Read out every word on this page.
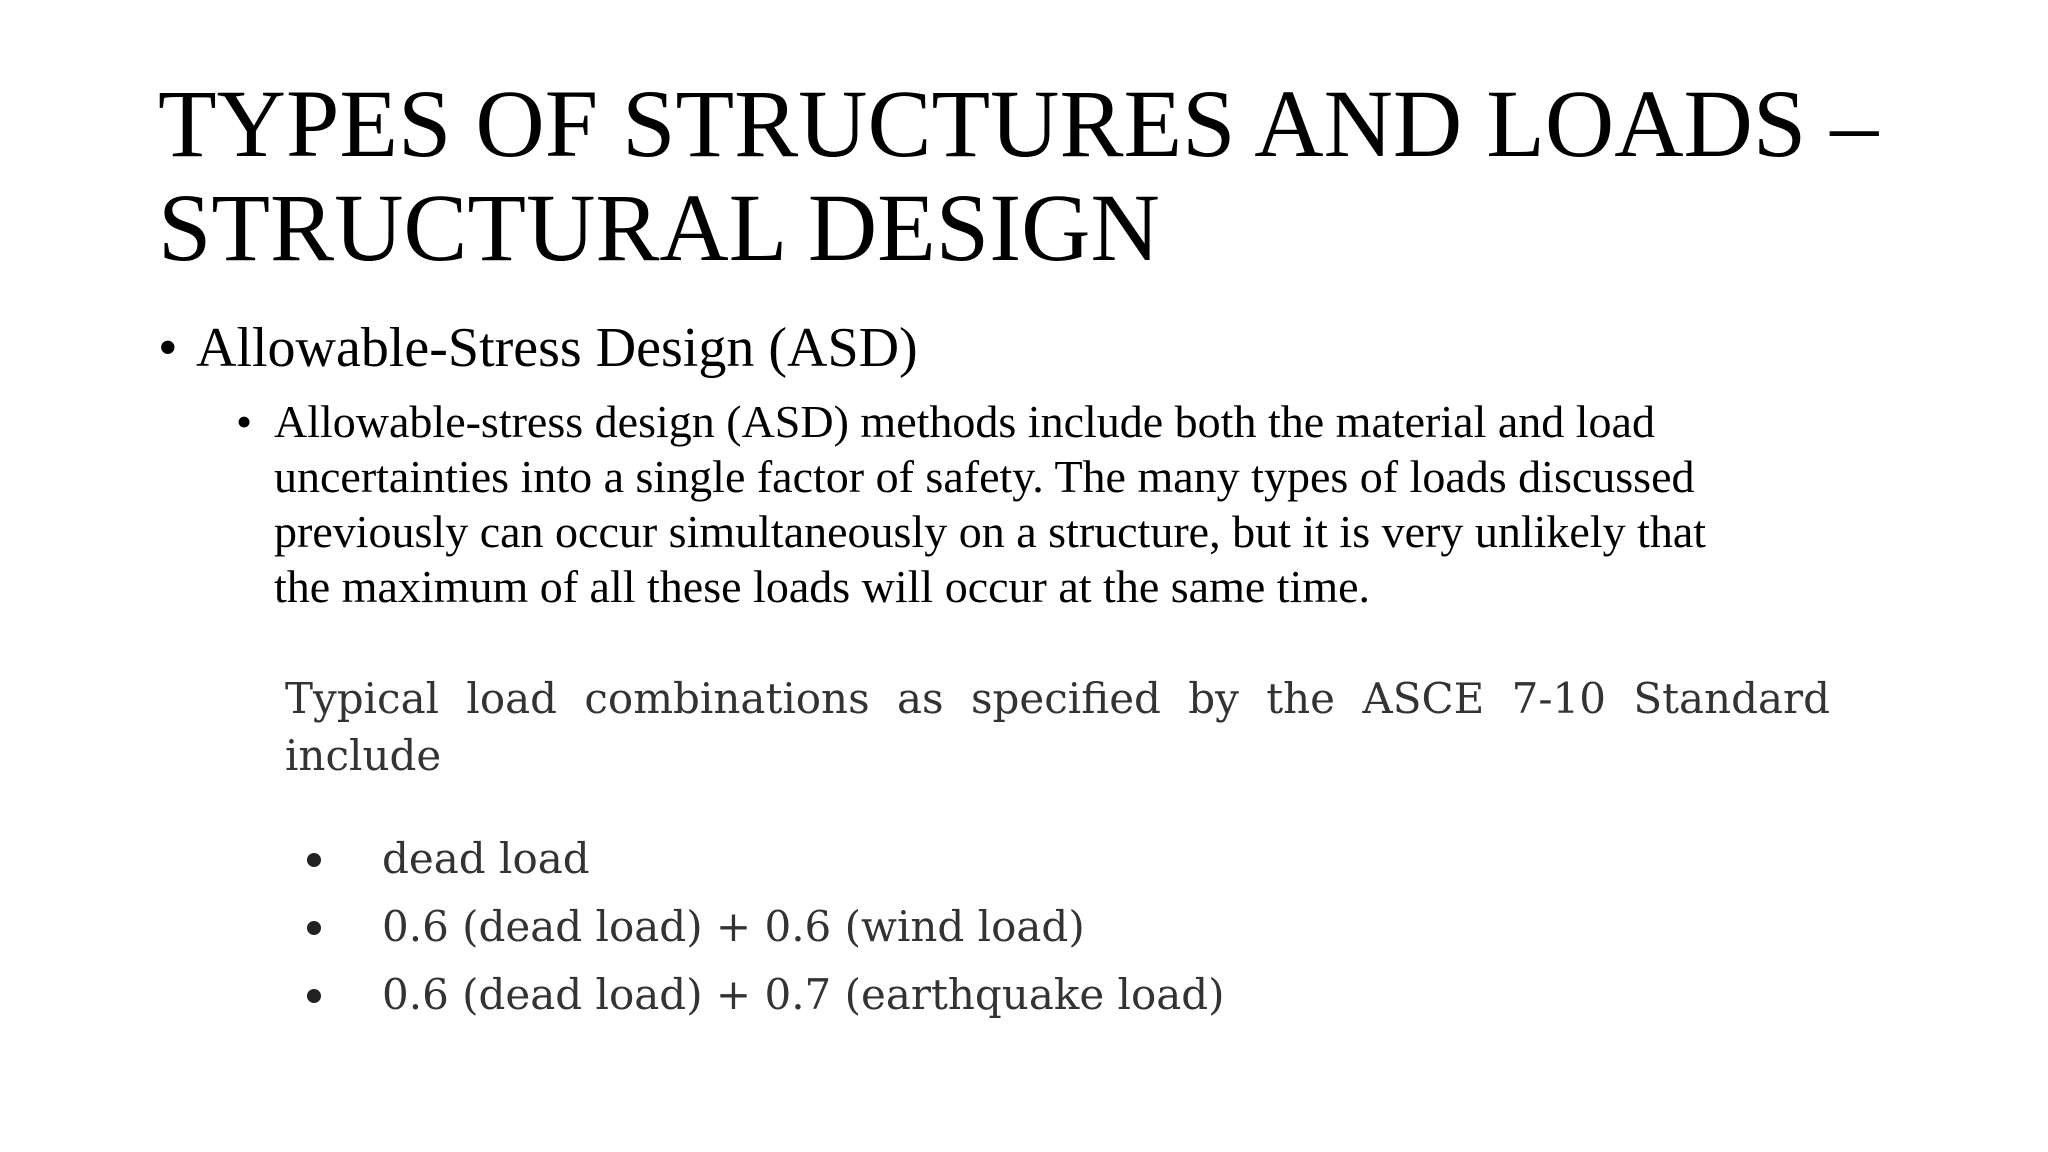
TYPES OF STRUCTURES AND LOADS –
STRUCTURAL DESIGN
• Allowable-Stress Design (ASD)
• Allowable-stress design (ASD) methods include both the material and load
uncertainties into a single factor of safety. The many types of loads discussed
previously can occur simultaneously on a structure, but it is very unlikely that
the maximum of all these loads will occur at the same time.
Typical load combinations as specified by the ASCE 7-10 Standard
include
dead load
0.6 (dead load) + 0.6 (wind load)
0.6 (dead load) + 0.7 (earthquake load)
